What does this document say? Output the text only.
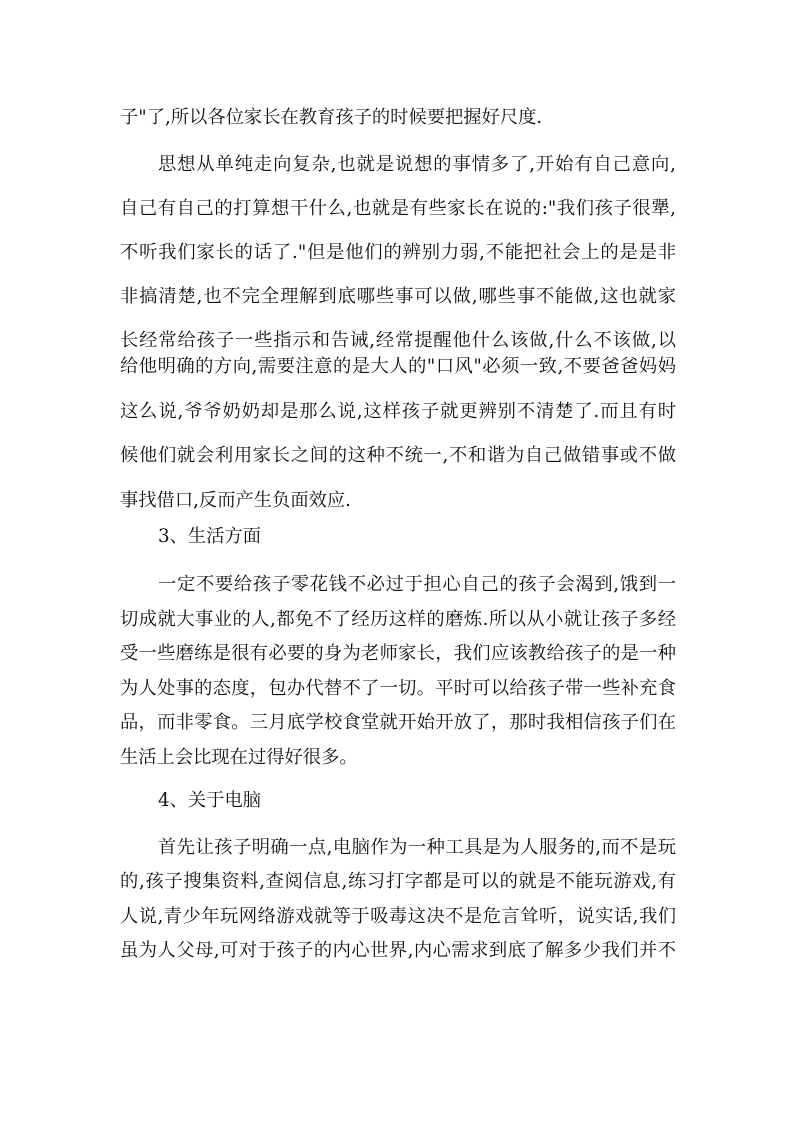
子"了,所以各位家长在教育孩子的时候要把握好尺度.
思想从单纯走向复杂,也就是说想的事情多了,开始有自己意向,
自己有自己的打算想干什么,也就是有些家长在说的:"我们孩子很犟,
不听我们家长的话了."但是他们的辨别力弱,不能把社会上的是是非
非搞清楚,也不完全理解到底哪些事可以做,哪些事不能做,这也就家
长经常给孩子一些指示和告诫,经常提醒他什么该做,什么不该做,以
给他明确的方向,需要注意的是大人的"口风"必须一致,不要爸爸妈妈
这么说,爷爷奶奶却是那么说,这样孩子就更辨别不清楚了.而且有时
候他们就会利用家长之间的这种不统一,不和谐为自己做错事或不做
事找借口,反而产生负面效应.
3、生活方面
一定不要给孩子零花钱不必过于担心自己的孩子会渴到,饿到一
切成就大事业的人,都免不了经历这样的磨炼.所以从小就让孩子多经
受一些磨练是很有必要的身为老师家长，我们应该教给孩子的是一种
为人处事的态度，包办代替不了一切。平时可以给孩子带一些补充食
品，而非零食。三月底学校食堂就开始开放了，那时我相信孩子们在
生活上会比现在过得好很多。
4、关于电脑
首先让孩子明确一点,电脑作为一种工具是为人服务的,而不是玩
的,孩子搜集资料,查阅信息,练习打字都是可以的就是不能玩游戏,有
人说,青少年玩网络游戏就等于吸毒这决不是危言耸听，说实话,我们
虽为人父母,可对于孩子的内心世界,内心需求到底了解多少我们并不
